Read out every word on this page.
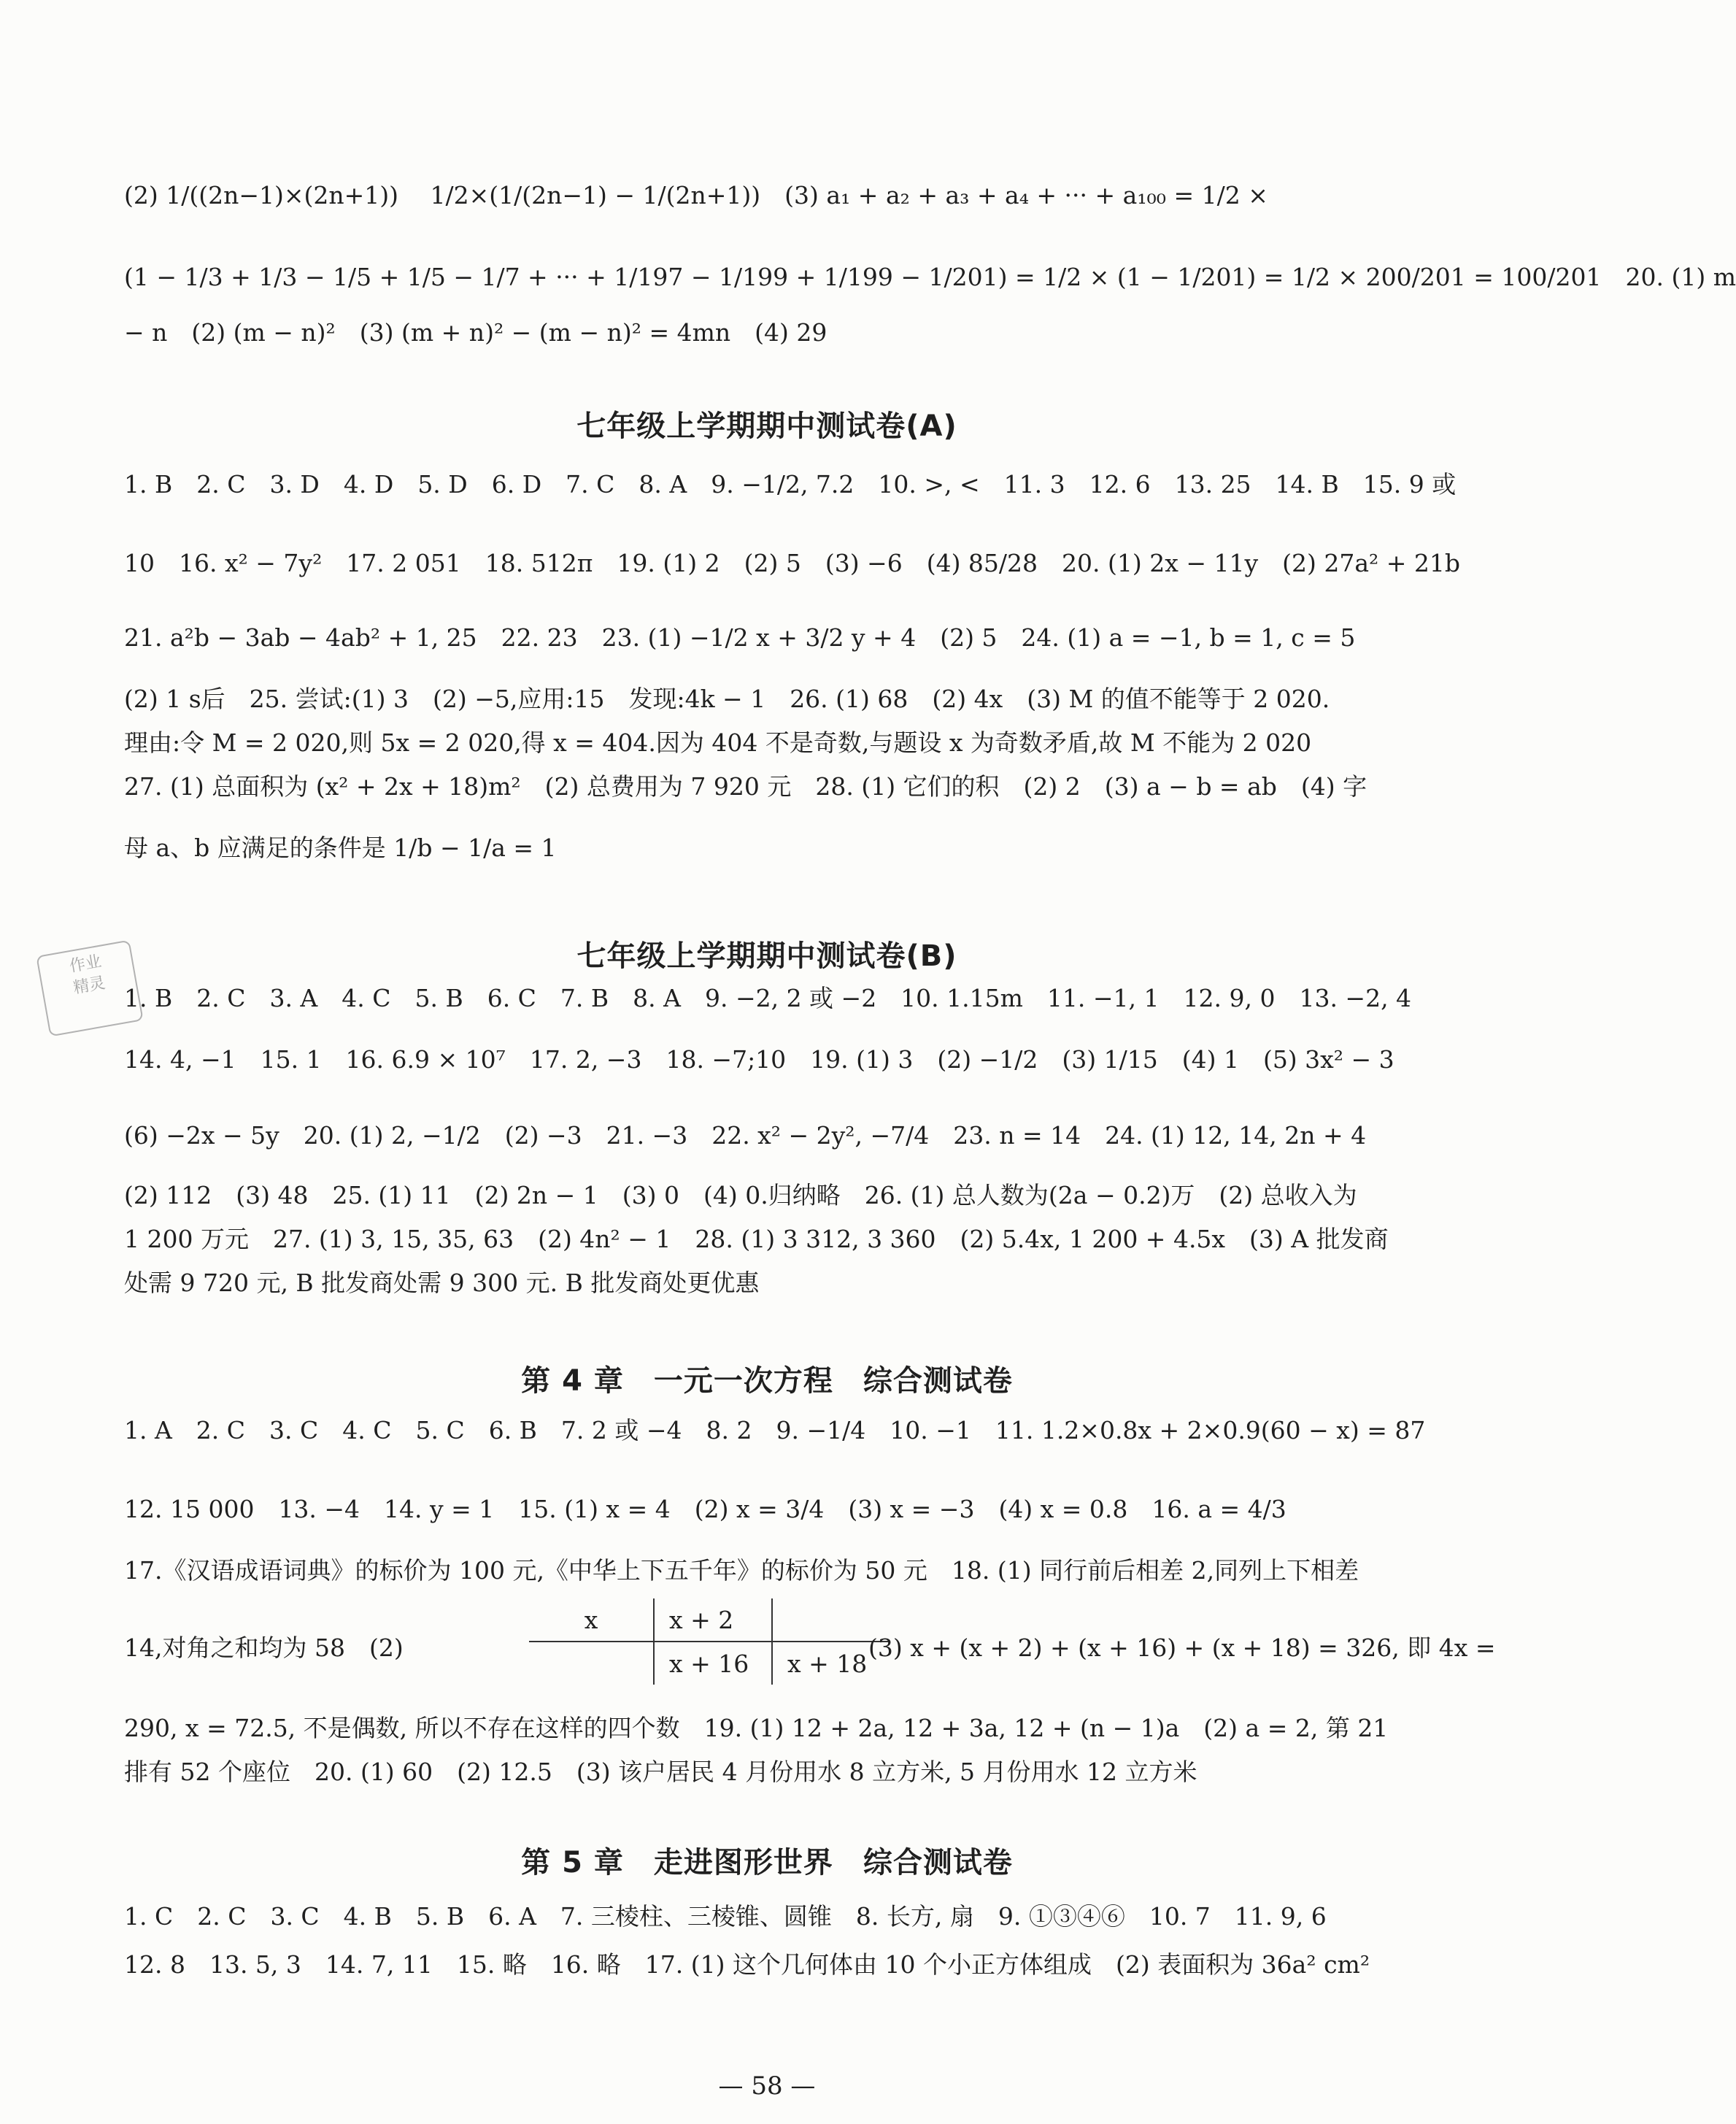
(2) 1/((2n−1)×(2n+1))　 1/2×(1/(2n−1) − 1/(2n+1))　(3) a₁ + a₂ + a₃ + a₄ + ··· + a₁₀₀ = 1/2 ×
(1 − 1/3 + 1/3 − 1/5 + 1/5 − 1/7 + ··· + 1/197 − 1/199 + 1/199 − 1/201) = 1/2 × (1 − 1/201) = 1/2 × 200/201 = 100/201　20. (1) m
− n　(2) (m − n)²　(3) (m + n)² − (m − n)² = 4mn　(4) 29
七年级上学期期中测试卷(A)
1. B　2. C　3. D　4. D　5. D　6. D　7. C　8. A　9. −1/2, 7.2　10. >, <　11. 3　12. 6　13. 25　14. B　15. 9 或
10　16. x² − 7y²　17. 2 051　18. 512π　19. (1) 2　(2) 5　(3) −6　(4) 85/28　20. (1) 2x − 11y　(2) 27a² + 21b
21. a²b − 3ab − 4ab² + 1, 25　22. 23　23. (1) −1/2 x + 3/2 y + 4　(2) 5　24. (1) a = −1, b = 1, c = 5
(2) 1 s后　25. 尝试:(1) 3　(2) −5,应用:15　发现:4k − 1　26. (1) 68　(2) 4x　(3) M 的值不能等于 2 020.
理由:令 M = 2 020,则 5x = 2 020,得 x = 404.因为 404 不是奇数,与题设 x 为奇数矛盾,故 M 不能为 2 020
27. (1) 总面积为 (x² + 2x + 18)m²　(2) 总费用为 7 920 元　28. (1) 它们的积　(2) 2　(3) a − b = ab　(4) 字
母 a、b 应满足的条件是 1/b − 1/a = 1
七年级上学期期中测试卷(B)
作业
精灵 1. B　2. C　3. A　4. C　5. B　6. C　7. B　8. A　9. −2, 2 或 −2　10. 1.15m　11. −1, 1　12. 9, 0　13. −2, 4
14. 4, −1　15. 1　16. 6.9 × 10⁷　17. 2, −3　18. −7;10　19. (1) 3　(2) −1/2　(3) 1/15　(4) 1　(5) 3x² − 3
(6) −2x − 5y　20. (1) 2, −1/2　(2) −3　21. −3　22. x² − 2y², −7/4　23. n = 14　24. (1) 12, 14, 2n + 4
(2) 112　(3) 48　25. (1) 11　(2) 2n − 1　(3) 0　(4) 0.归纳略　26. (1) 总人数为(2a − 0.2)万　(2) 总收入为
1 200 万元　27. (1) 3, 15, 35, 63　(2) 4n² − 1　28. (1) 3 312, 3 360　(2) 5.4x, 1 200 + 4.5x　(3) A 批发商
处需 9 720 元, B 批发商处需 9 300 元. B 批发商处更优惠
第 4 章　一元一次方程　综合测试卷
1. A　2. C　3. C　4. C　5. C　6. B　7. 2 或 −4　8. 2　9. −1/4　10. −1　11. 1.2×0.8x + 2×0.9(60 − x) = 87
12. 15 000　13. −4　14. y = 1　15. (1) x = 4　(2) x = 3/4　(3) x = −3　(4) x = 0.8　16. a = 4/3
17.《汉语成语词典》的标价为 100 元,《中华上下五千年》的标价为 50 元　18. (1) 同行前后相差 2,同列上下相差
14,对角之和均为 58　(2)
x	x + 2	
	x + 16	x + 18
(3) x + (x + 2) + (x + 16) + (x + 18) = 326, 即 4x =
290, x = 72.5, 不是偶数, 所以不存在这样的四个数　19. (1) 12 + 2a, 12 + 3a, 12 + (n − 1)a　(2) a = 2, 第 21
排有 52 个座位　20. (1) 60　(2) 12.5　(3) 该户居民 4 月份用水 8 立方米, 5 月份用水 12 立方米
第 5 章　走进图形世界　综合测试卷
1. C　2. C　3. C　4. B　5. B　6. A　7. 三棱柱、三棱锥、圆锥　8. 长方, 扇　9. ①③④⑥　10. 7　11. 9, 6
12. 8　13. 5, 3　14. 7, 11　15. 略　16. 略　17. (1) 这个几何体由 10 个小正方体组成　(2) 表面积为 36a² cm²
— 58 —
